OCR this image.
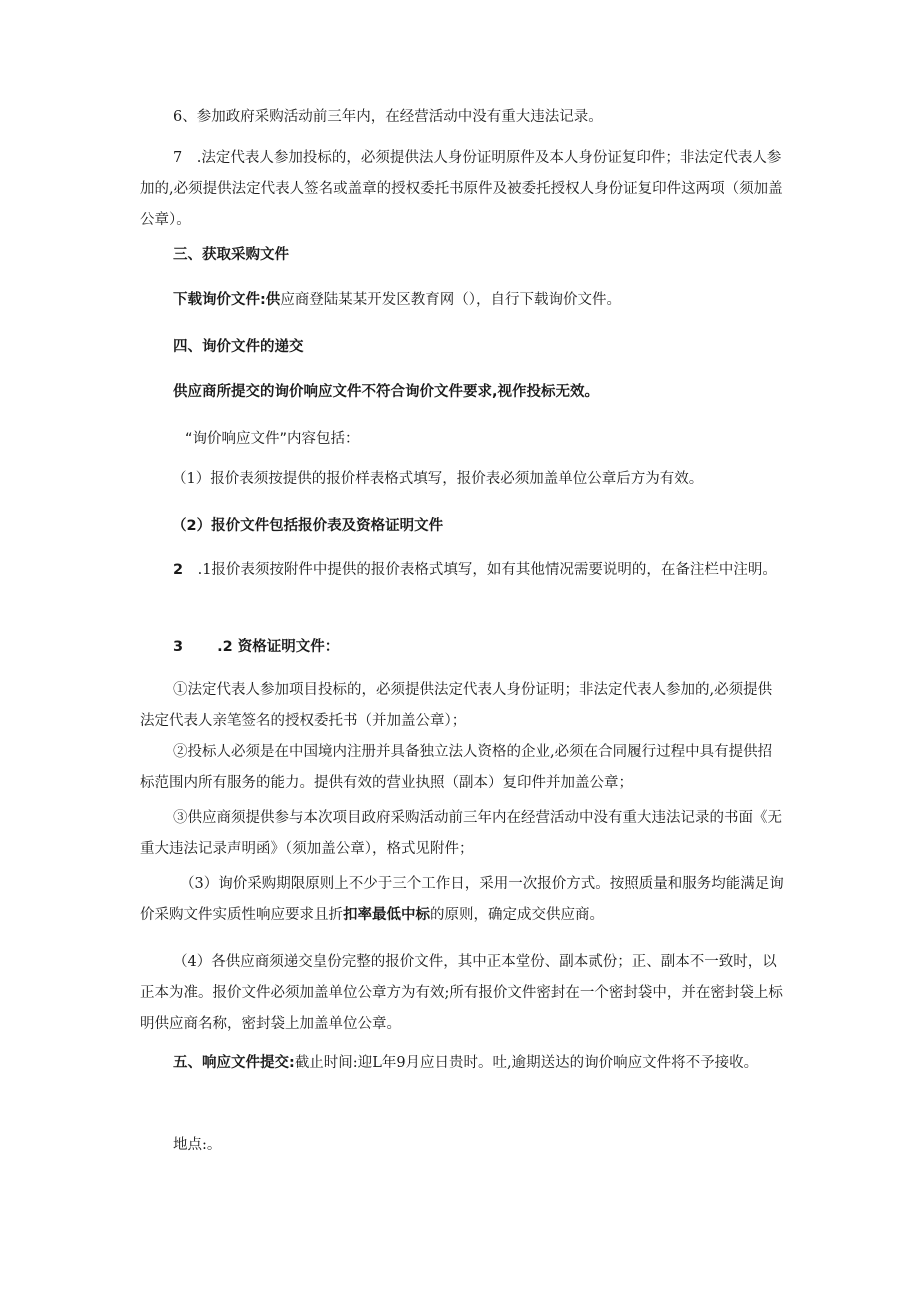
6、参加政府采购活动前三年内，在经营活动中没有重大违法记录。

7　.法定代表人参加投标的，必须提供法人身份证明原件及本人身份证复印件；非法定代表人参加的,必须提供法定代表人签名或盖章的授权委托书原件及被委托授权人身份证复印件这两项（须加盖公章）。

三、获取采购文件

下载询价文件:供应商登陆某某开发区教育网（），自行下载询价文件。

四、询价文件的递交

供应商所提交的询价响应文件不符合询价文件要求,视作投标无效。

“询价响应文件”内容包括：

（1）报价表须按提供的报价样表格式填写，报价表必须加盖单位公章后方为有效。

（2）报价文件包括报价表及资格证明文件

2　.1报价表须按附件中提供的报价表格式填写，如有其他情况需要说明的，在备注栏中注明。

3 .2 资格证明文件：

①法定代表人参加项目投标的，必须提供法定代表人身份证明；非法定代表人参加的,必须提供法定代表人亲笔签名的授权委托书（并加盖公章）；

②投标人必须是在中国境内注册并具备独立法人资格的企业,必须在合同履行过程中具有提供招标范围内所有服务的能力。提供有效的营业执照（副本）复印件并加盖公章；

③供应商须提供参与本次项目政府采购活动前三年内在经营活动中没有重大违法记录的书面《无重大违法记录声明函》（须加盖公章），格式见附件；

（3）询价采购期限原则上不少于三个工作日，采用一次报价方式。按照质量和服务均能满足询价采购文件实质性响应要求且折扣率最低中标的原则，确定成交供应商。

（4）各供应商须递交皇份完整的报价文件，其中正本堂份、副本贰份；正、副本不一致时，以正本为准。报价文件必须加盖单位公章方为有效;所有报价文件密封在一个密封袋中，并在密封袋上标明供应商名称，密封袋上加盖单位公章。

五、响应文件提交:截止时间:迎L年9月应日贵时。吐,逾期送达的询价响应文件将不予接收。

地点:。
